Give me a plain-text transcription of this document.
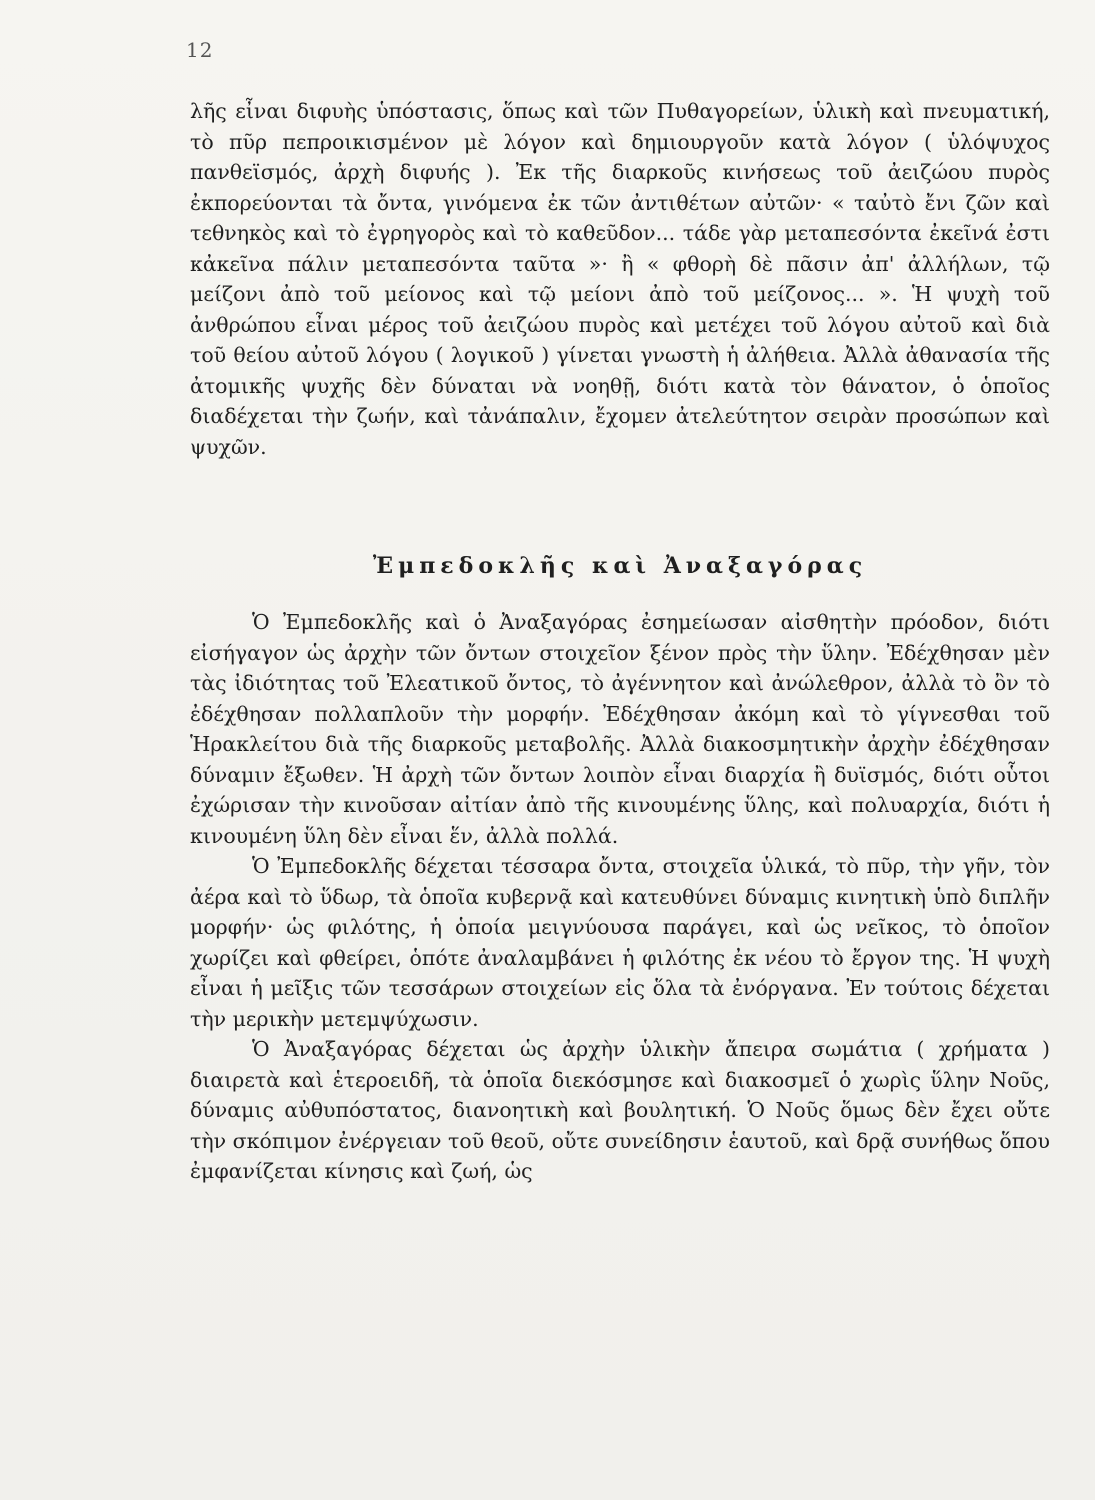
12

λῆς εἶναι διφυὴς ὑπόστασις, ὅπως καὶ τῶν Πυθαγορείων, ὑλικὴ καὶ πνευματική, τὸ πῦρ πεπροικισμένον μὲ λόγον καὶ δημιουργοῦν κατὰ λόγον ( ὑλόψυχος πανθεϊσμός, ἀρχὴ διφυής ). Ἐκ τῆς διαρκοῦς κινήσεως τοῦ ἀειζώου πυρὸς ἐκπορεύονται τὰ ὄντα, γινόμενα ἐκ τῶν ἀντιθέτων αὐτῶν· « ταὐτὸ ἔνι ζῶν καὶ τεθνηκὸς καὶ τὸ ἐγρηγορὸς καὶ τὸ καθεῦδον... τάδε γὰρ μεταπεσόντα ἐκεῖνά ἐστι κἀκεῖνα πάλιν μεταπεσόντα ταῦτα »· ἢ « φθορὴ δὲ πᾶσιν ἀπ' ἀλλήλων, τῷ μείζονι ἀπὸ τοῦ μείονος καὶ τῷ μείονι ἀπὸ τοῦ μείζονος... ». Ἡ ψυχὴ τοῦ ἀνθρώπου εἶναι μέρος τοῦ ἀειζώου πυρὸς καὶ μετέχει τοῦ λόγου αὐτοῦ καὶ διὰ τοῦ θείου αὐτοῦ λόγου ( λογικοῦ ) γίνεται γνωστὴ ἡ ἀλήθεια. Ἀλλὰ ἀθανασία τῆς ἀτομικῆς ψυχῆς δὲν δύναται νὰ νοηθῇ, διότι κατὰ τὸν θάνατον, ὁ ὁποῖος διαδέχεται τὴν ζωήν, καὶ τἀνάπαλιν, ἔχομεν ἀτελεύτητον σειρὰν προσώπων καὶ ψυχῶν.

Ἐμπεδοκλῆς καὶ Ἀναξαγόρας

Ὁ Ἐμπεδοκλῆς καὶ ὁ Ἀναξαγόρας ἐσημείωσαν αἰσθητὴν πρόοδον, διότι εἰσήγαγον ὡς ἀρχὴν τῶν ὄντων στοιχεῖον ξένον πρὸς τὴν ὕλην. Ἐδέχθησαν μὲν τὰς ἰδιότητας τοῦ Ἐλεατικοῦ ὄντος, τὸ ἀγέννητον καὶ ἀνώλεθρον, ἀλλὰ τὸ ὂν τὸ ἐδέχθησαν πολλαπλοῦν τὴν μορφήν. Ἐδέχθησαν ἀκόμη καὶ τὸ γίγνεσθαι τοῦ Ἡρακλείτου διὰ τῆς διαρκοῦς μεταβολῆς. Ἀλλὰ διακοσμητικὴν ἀρχὴν ἐδέχθησαν δύναμιν ἔξωθεν. Ἡ ἀρχὴ τῶν ὄντων λοιπὸν εἶναι διαρχία ἢ δυϊσμός, διότι οὗτοι ἐχώρισαν τὴν κινοῦσαν αἰτίαν ἀπὸ τῆς κινουμένης ὕλης, καὶ πολυαρχία, διότι ἡ κινουμένη ὕλη δὲν εἶναι ἕν, ἀλλὰ πολλά.

Ὁ Ἐμπεδοκλῆς δέχεται τέσσαρα ὄντα, στοιχεῖα ὑλικά, τὸ πῦρ, τὴν γῆν, τὸν ἀέρα καὶ τὸ ὕδωρ, τὰ ὁποῖα κυβερνᾷ καὶ κατευθύνει δύναμις κινητικὴ ὑπὸ διπλῆν μορφήν· ὡς φιλότης, ἡ ὁποία μειγνύουσα παράγει, καὶ ὡς νεῖκος, τὸ ὁποῖον χωρίζει καὶ φθείρει, ὁπότε ἀναλαμβάνει ἡ φιλότης ἐκ νέου τὸ ἔργον της. Ἡ ψυχὴ εἶναι ἡ μεῖξις τῶν τεσσάρων στοιχείων εἰς ὅλα τὰ ἐνόργανα. Ἐν τούτοις δέχεται τὴν μερικὴν μετεμψύχωσιν.

Ὁ Ἀναξαγόρας δέχεται ὡς ἀρχὴν ὑλικὴν ἄπειρα σωμάτια ( χρήματα ) διαιρετὰ καὶ ἑτεροειδῆ, τὰ ὁποῖα διεκόσμησε καὶ διακοσμεῖ ὁ χωρὶς ὕλην Νοῦς, δύναμις αὐθυπόστατος, διανοητικὴ καὶ βουλητική. Ὁ Νοῦς ὅμως δὲν ἔχει οὔτε τὴν σκόπιμον ἐνέργειαν τοῦ θεοῦ, οὔτε συνείδησιν ἑαυτοῦ, καὶ δρᾷ συνήθως ὅπου ἐμφανίζεται κίνησις καὶ ζωή, ὡς
